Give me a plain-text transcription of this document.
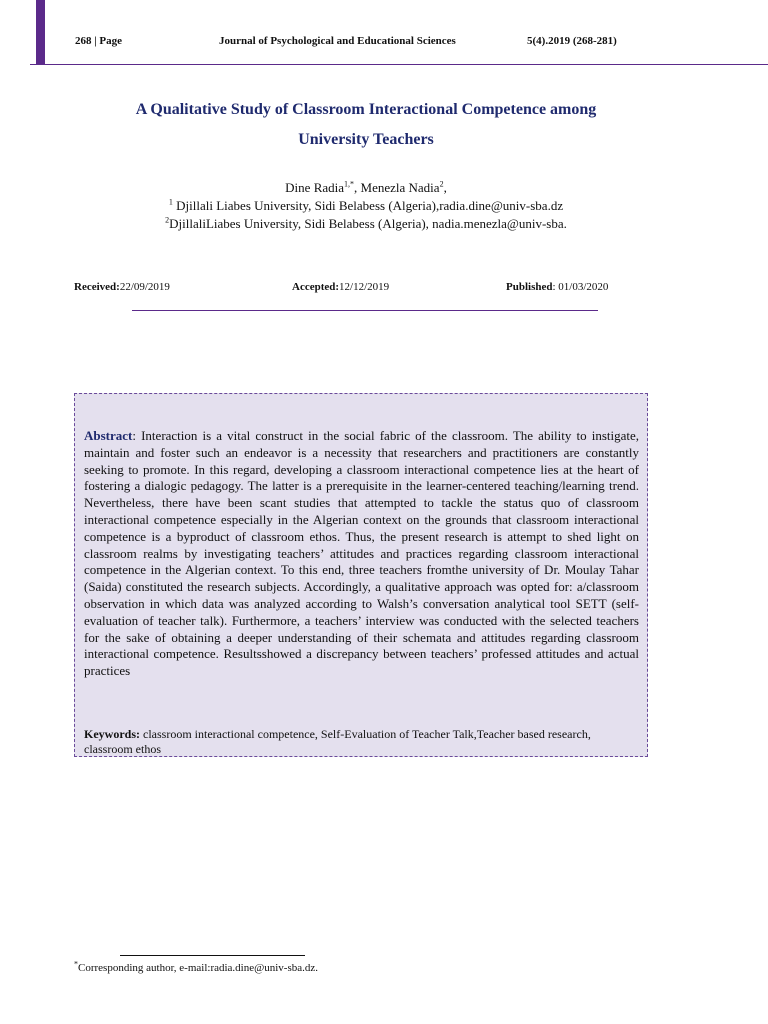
268 | Page	Journal of Psychological and Educational Sciences	5(4).2019 (268-281)
A Qualitative Study of Classroom Interactional Competence among
University Teachers
Dine Radia$^{1,*}$, Menezla Nadia$^2$,
$^1$ Djillali Liabes University, Sidi Belabess (Algeria),radia.dine@univ-sba.dz
$^2$DjillaliLiabes University, Sidi Belabess (Algeria), nadia.menezla@univ-sba.
Received:22/09/2019	Accepted:12/12/2019	Published: 01/03/2020
Abstract: Interaction is a vital construct in the social fabric of the classroom. The ability to instigate, maintain and foster such an endeavor is a necessity that researchers and practitioners are constantly seeking to promote. In this regard, developing a classroom interactional competence lies at the heart of fostering a dialogic pedagogy. The latter is a prerequisite in the learner-centered teaching/learning trend. Nevertheless, there have been scant studies that attempted to tackle the status quo of classroom interactional competence especially in the Algerian context on the grounds that classroom interactional competence is a byproduct of classroom ethos. Thus, the present research is attempt to shed light on classroom realms by investigating teachers’ attitudes and practices regarding classroom interactional competence in the Algerian context. To this end, three teachers fromthe university of Dr. Moulay Tahar (Saida) constituted the research subjects. Accordingly, a qualitative approach was opted for: a/classroom observation in which data was analyzed according to Walsh’s conversation analytical tool SETT (self-evaluation of teacher talk). Furthermore, a teachers’ interview was conducted with the selected teachers for the sake of obtaining a deeper understanding of their schemata and attitudes regarding classroom interactional competence. Resultsshowed a discrepancy between teachers’ professed attitudes and actual practices
Keywords: classroom interactional competence, Self-Evaluation of Teacher Talk,Teacher based research, classroom ethos
*Corresponding author, e-mail:radia.dine@univ-sba.dz.
